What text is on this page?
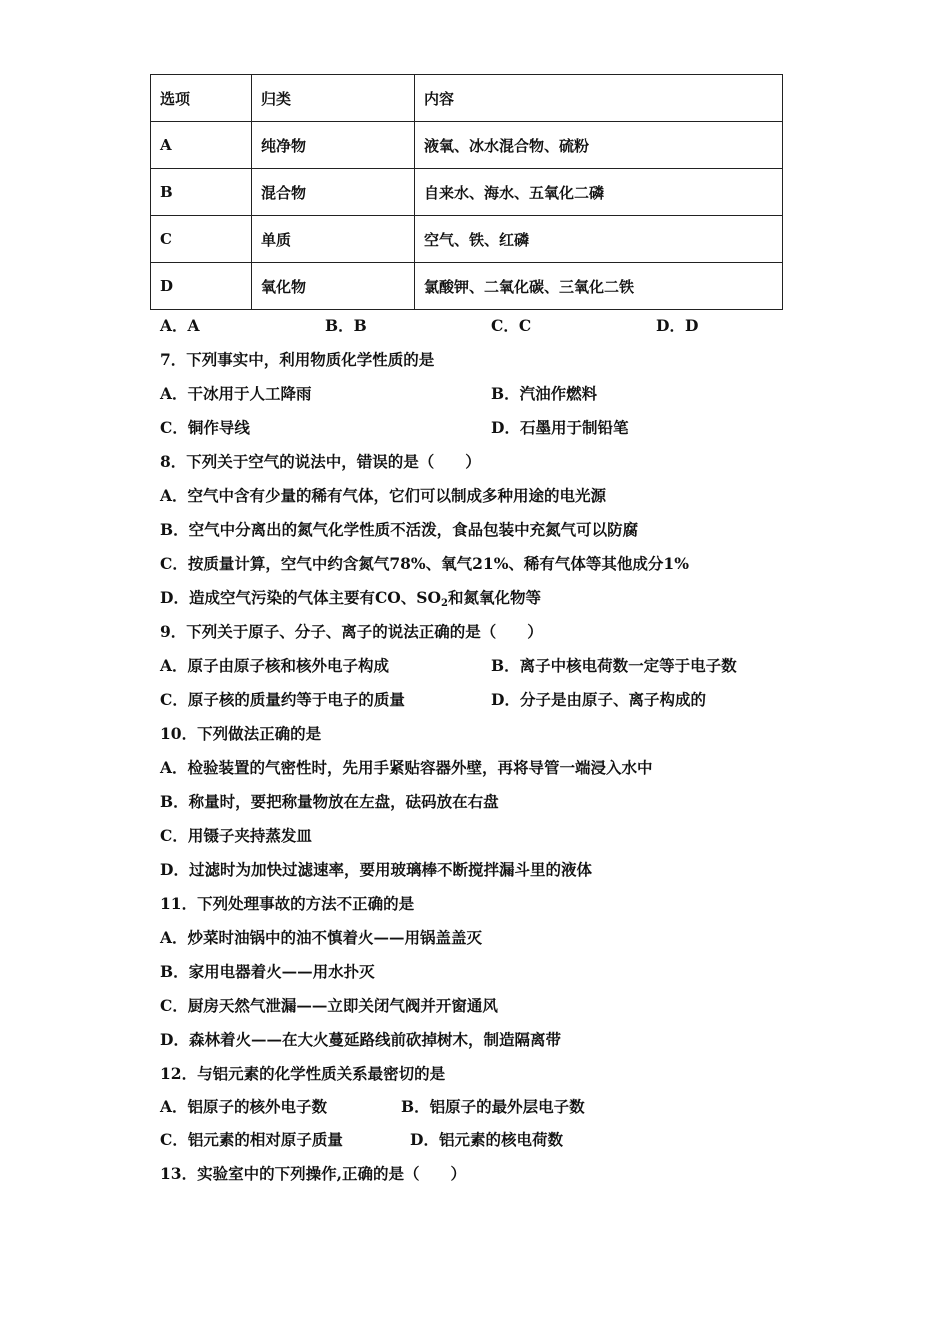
选项	归类	内容
A	纯净物	液氧、冰水混合物、硫粉
B	混合物	自来水、海水、五氧化二磷
C	单质	空气、铁、红磷
D	氧化物	氯酸钾、二氧化碳、三氧化二铁
A．A	B．B	C．C	D．D
7．下列事实中，利用物质化学性质的是
A．干冰用于人工降雨	B．汽油作燃料
C．铜作导线	D．石墨用于制铅笔
8．下列关于空气的说法中，错误的是（　　）
A．空气中含有少量的稀有气体，它们可以制成多种用途的电光源
B．空气中分离出的氮气化学性质不活泼，食品包装中充氮气可以防腐
C．按质量计算，空气中约含氮气78%、氧气21%、稀有气体等其他成分1%
D．造成空气污染的气体主要有CO、$SO_2$和氮氧化物等
9．下列关于原子、分子、离子的说法正确的是（　　）
A．原子由原子核和核外电子构成	B．离子中核电荷数一定等于电子数
C．原子核的质量约等于电子的质量	D．分子是由原子、离子构成的
10．下列做法正确的是
A．检验装置的气密性时，先用手紧贴容器外壁，再将导管一端浸入水中
B．称量时，要把称量物放在左盘，砝码放在右盘
C．用镊子夹持蒸发皿
D．过滤时为加快过滤速率，要用玻璃棒不断搅拌漏斗里的液体
11．下列处理事故的方法不正确的是
A．炒菜时油锅中的油不慎着火——用锅盖盖灭
B．家用电器着火——用水扑灭
C．厨房天然气泄漏——立即关闭气阀并开窗通风
D．森林着火——在大火蔓延路线前砍掉树木，制造隔离带
12．与铝元素的化学性质关系最密切的是
A．铝原子的核外电子数	B．铝原子的最外层电子数
C．铝元素的相对原子质量	D．铝元素的核电荷数
13．实验室中的下列操作,正确的是（　　）
